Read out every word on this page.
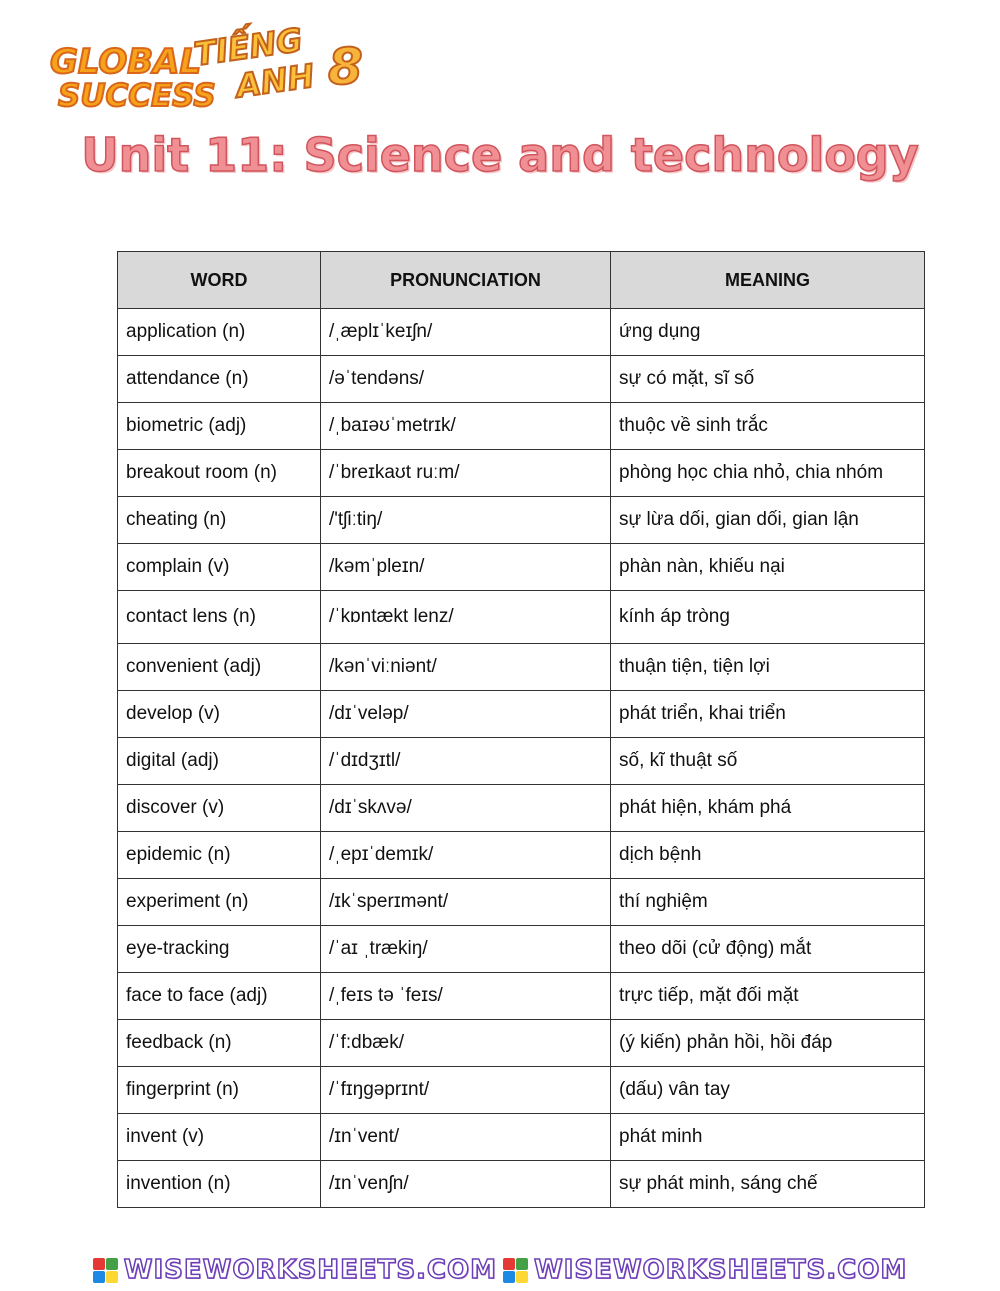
GLOBAL
SUCCESS
TIẾNG
ANH 8
Unit 11: Science and technology
WORD	PRONUNCIATION	MEANING
application (n)	/ˌæplɪˈkeɪʃn/	ứng dụng
attendance (n)	/əˈtendəns/	sự có mặt, sĩ số
biometric (adj)	/ˌbaɪəʊˈmetrɪk/	thuộc về sinh trắc
breakout room (n)	/ˈbreɪkaʊt ruːm/	phòng học chia nhỏ, chia nhóm
cheating (n)	/'tʃiːtiŋ/	sự lừa dối, gian dối, gian lận
complain (v)	/kəmˈpleɪn/	phàn nàn, khiếu nại
contact lens (n)	/ˈkɒntækt lenz/	kính áp tròng
convenient (adj)	/kənˈviːniənt/	thuận tiện, tiện lợi
develop (v)	/dɪˈveləp/	phát triển, khai triển
digital (adj)	/ˈdɪdʒɪtl/	số, kĩ thuật số
discover (v)	/dɪˈskʌvə/	phát hiện, khám phá
epidemic (n)	/ˌepɪˈdemɪk/	dịch bệnh
experiment (n)	/ɪkˈsperɪmənt/	thí nghiệm
eye-tracking	/ˈaɪ ˌtrækiŋ/	theo dõi (cử động) mắt
face to face (adj)	/ˌfeɪs tə ˈfeɪs/	trực tiếp, mặt đối mặt
feedback (n)	/ˈf:dbæk/	(ý kiến) phản hồi, hồi đáp
fingerprint (n)	/ˈfɪŋɡəprɪnt/	(dấu) vân tay
invent (v)	/ɪnˈvent/	phát minh
invention (n)	/ɪnˈvenʃn/	sự phát minh, sáng chế
WISEWORKSHEETS.COM WISEWORKSHEETS.COM
